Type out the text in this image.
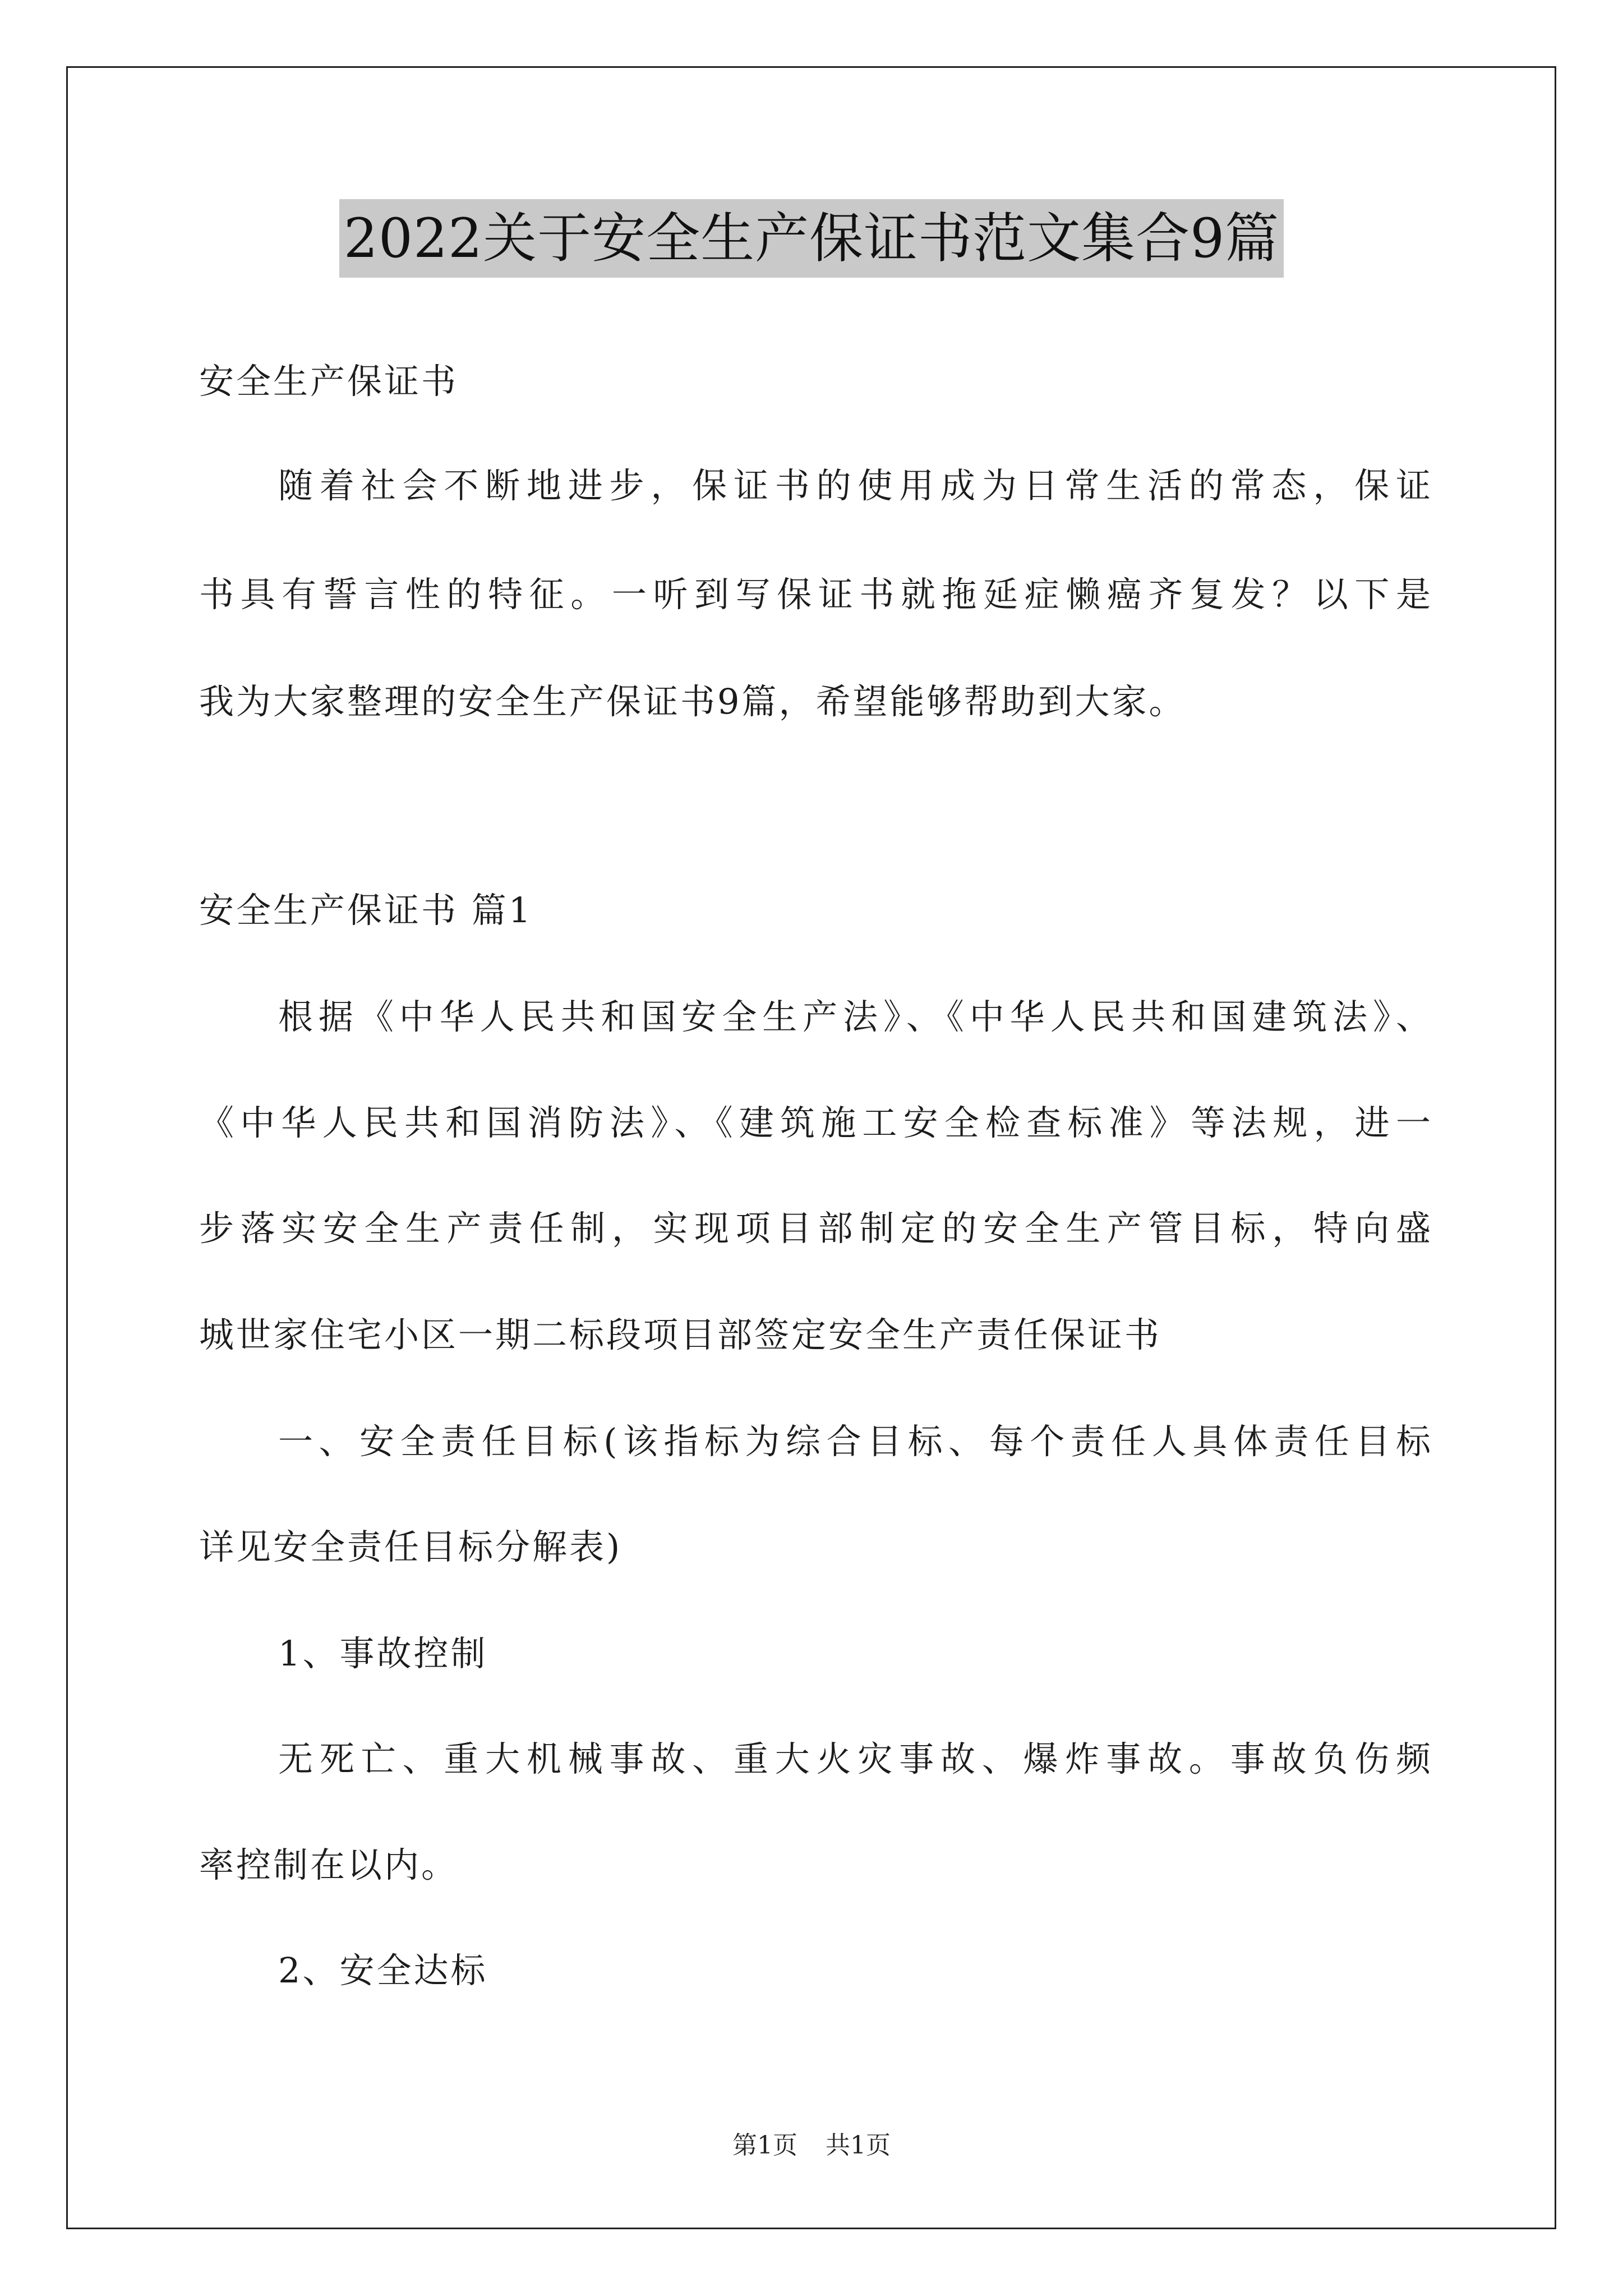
2022关于安全生产保证书范文集合9篇
安全生产保证书
随着社会不断地进步，保证书的使用成为日常生活的常态，保证
书具有誓言性的特征。一听到写保证书就拖延症懒癌齐复发？以下是
我为大家整理的安全生产保证书9篇，希望能够帮助到大家。
安全生产保证书 篇1
根据《中华人民共和国安全生产法》、《中华人民共和国建筑法》、
《中华人民共和国消防法》、《建筑施工安全检查标准》等法规，进一
步落实安全生产责任制，实现项目部制定的安全生产管目标，特向盛
城世家住宅小区一期二标段项目部签定安全生产责任保证书
一、安全责任目标(该指标为综合目标、每个责任人具体责任目标
详见安全责任目标分解表)
1、事故控制
无死亡、重大机械事故、重大火灾事故、爆炸事故。事故负伤频
率控制在以内。
2、安全达标
第1页 共1页
